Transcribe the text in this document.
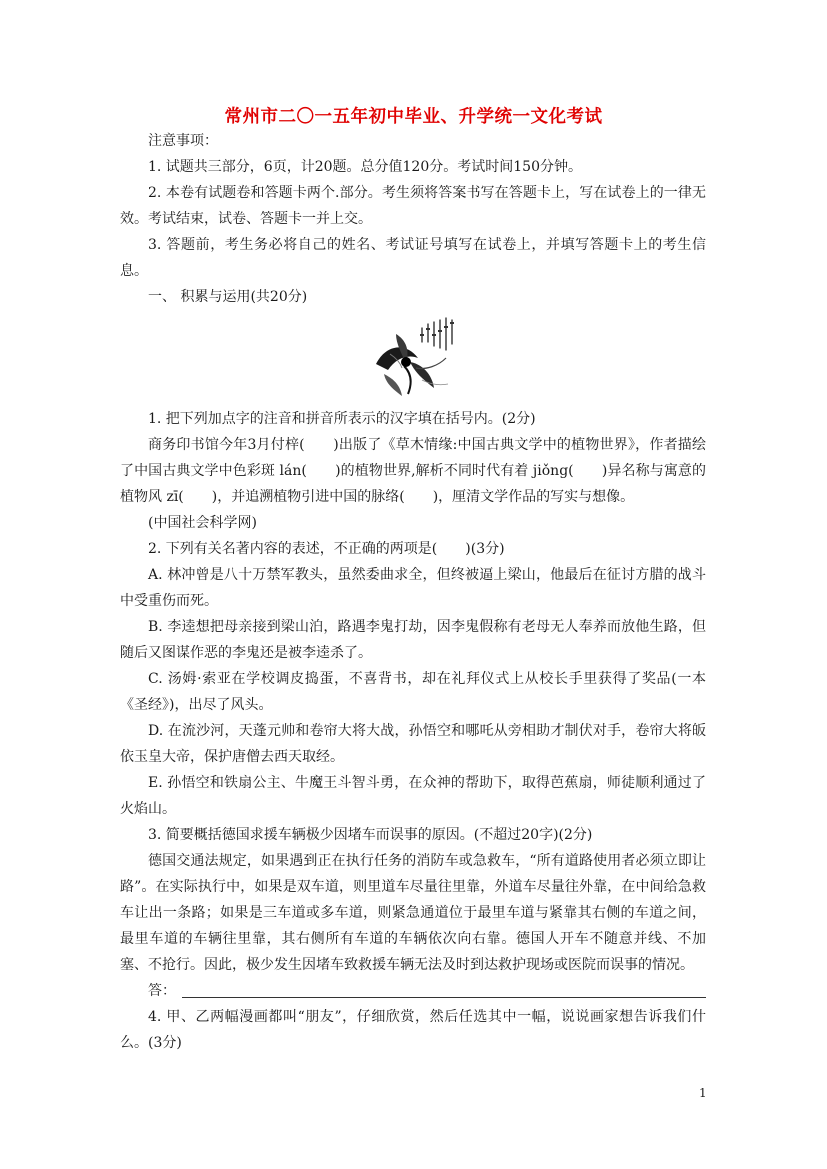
常州市二〇一五年初中毕业、升学统一文化考试

注意事项：

1. 试题共三部分，6页，计20题。总分值120分。考试时间150分钟。

2. 本卷有试题卷和答题卡两个.部分。考生须将答案书写在答题卡上，写在试卷上的一律无效。考试结束，试卷、答题卡一并上交。

3. 答题前，考生务必将自己的姓名、考试证号填写在试卷上，并填写答题卡上的考生信息。

一、 积累与运用(共20分)

1. 把下列加点字的注音和拼音所表示的汉字填在括号内。(2分)

商务印书馆今年3月付梓(　　)出版了《草木情缘:中国古典文学中的植物世界》，作者描绘了中国古典文学中色彩斑 lán(　　)的植物世界,解析不同时代有着 jiǒng(　　)异名称与寓意的植物风 zī(　　)，并追溯植物引进中国的脉络(　　)，厘清文学作品的写实与想像。

(中国社会科学网)

2. 下列有关名著内容的表述，不正确的两项是(　　)(3分)

A. 林冲曾是八十万禁军教头，虽然委曲求全，但终被逼上梁山，他最后在征讨方腊的战斗中受重伤而死。

B. 李逵想把母亲接到梁山泊，路遇李鬼打劫，因李鬼假称有老母无人奉养而放他生路，但随后又图谋作恶的李鬼还是被李逵杀了。

C. 汤姆·索亚在学校调皮捣蛋，不喜背书，却在礼拜仪式上从校长手里获得了奖品(一本《圣经》)，出尽了风头。

D. 在流沙河，天蓬元帅和卷帘大将大战，孙悟空和哪吒从旁相助才制伏对手，卷帘大将皈依玉皇大帝，保护唐僧去西天取经。

E. 孙悟空和铁扇公主、牛魔王斗智斗勇，在众神的帮助下，取得芭蕉扇，师徒顺利通过了火焰山。

3. 简要概括德国求援车辆极少因堵车而误事的原因。(不超过20字)(2分)

德国交通法规定，如果遇到正在执行任务的消防车或急救车，“所有道路使用者必须立即让路”。在实际执行中，如果是双车道，则里道车尽量往里靠，外道车尽量往外靠，在中间给急救车让出一条路；如果是三车道或多车道，则紧急通道位于最里车道与紧靠其右侧的车道之间，最里车道的车辆往里靠，其右侧所有车道的车辆依次向右靠。德国人开车不随意并线、不加塞、不抢行。因此，极少发生因堵车致救援车辆无法及时到达救护现场或医院而误事的情况。

答：

4. 甲、乙两幅漫画都叫“朋友”，仔细欣赏，然后任选其中一幅，说说画家想告诉我们什么。(3分)

1
